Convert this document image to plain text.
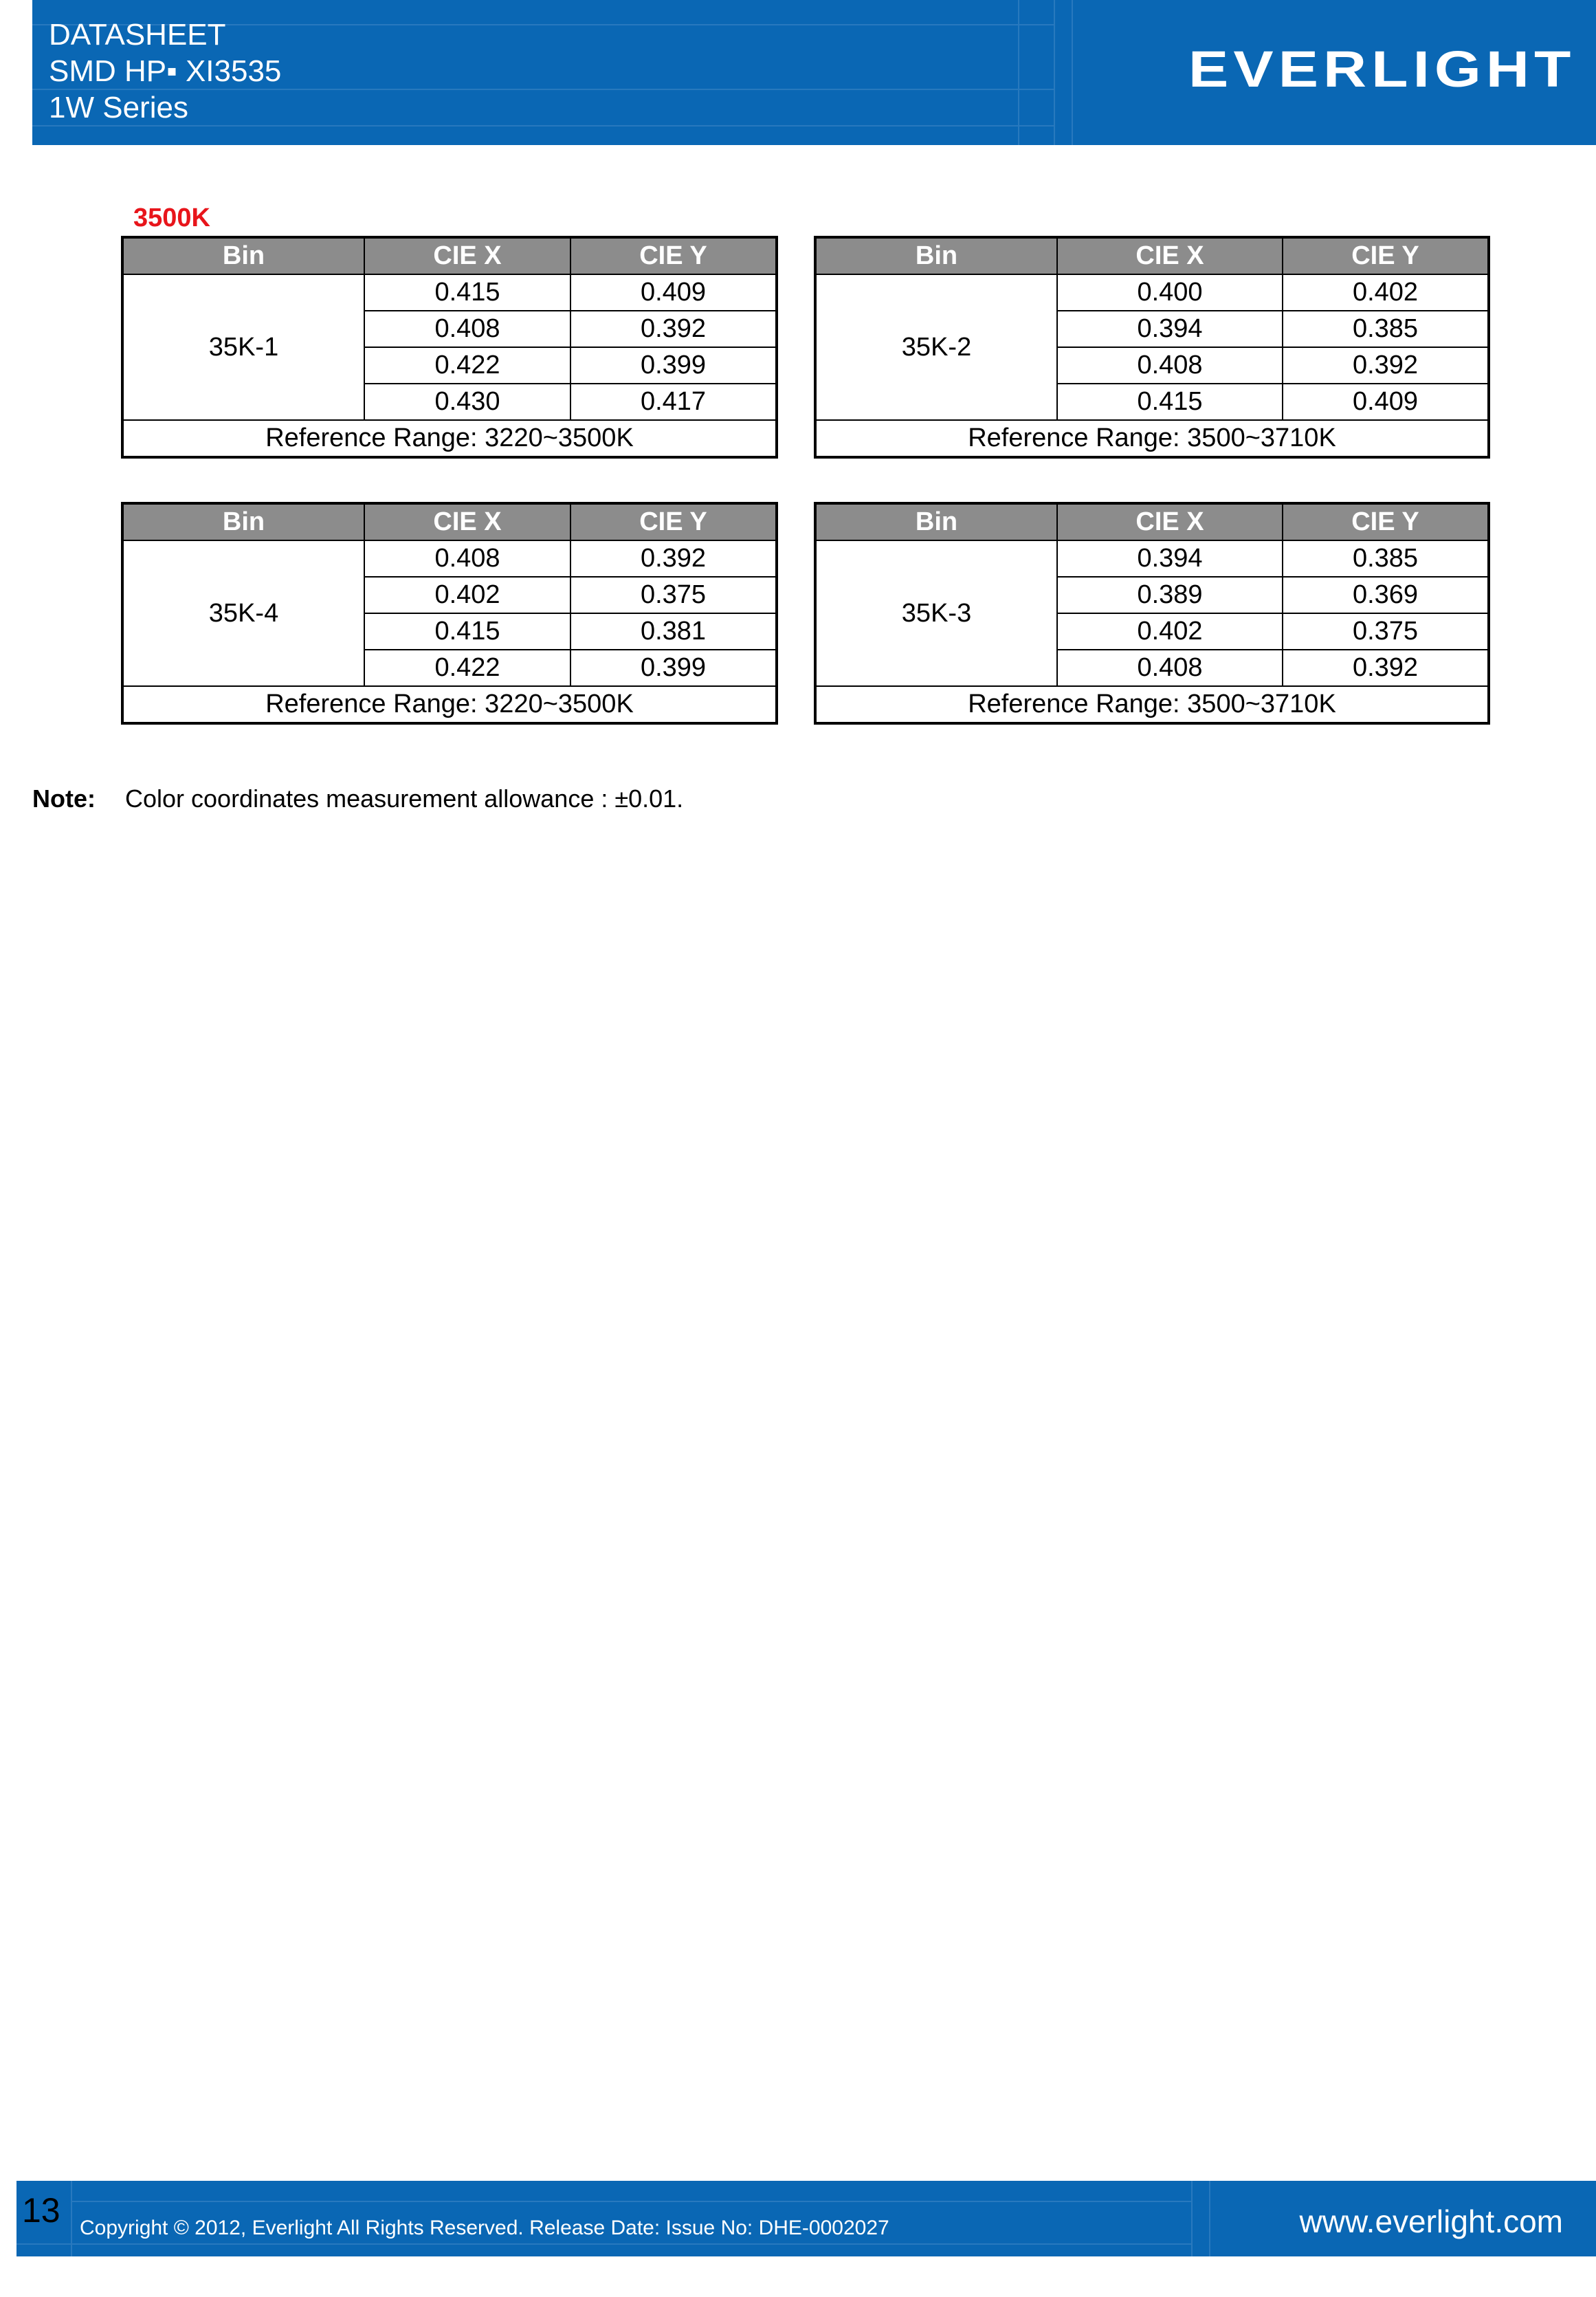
DATASHEET
SMD HP▪ XI3535
1W Series
EVERLIGHT
3500K
Bin	CIE X	CIE Y
35K-1	0.415	0.409
	0.408	0.392
	0.422	0.399
	0.430	0.417
Reference Range: 3220~3500K		
Bin	CIE X	CIE Y
35K-2	0.400	0.402
	0.394	0.385
	0.408	0.392
	0.415	0.409
Reference Range: 3500~3710K		
Bin	CIE X	CIE Y
35K-4	0.408	0.392
	0.402	0.375
	0.415	0.381
	0.422	0.399
Reference Range: 3220~3500K		
Bin	CIE X	CIE Y
35K-3	0.394	0.385
	0.389	0.369
	0.402	0.375
	0.408	0.392
Reference Range: 3500~3710K		
Note: Color coordinates measurement allowance : ±0.01.
13 Copyright © 2012, Everlight All Rights Reserved. Release Date: Issue No: DHE-0002027	www.everlight.com
